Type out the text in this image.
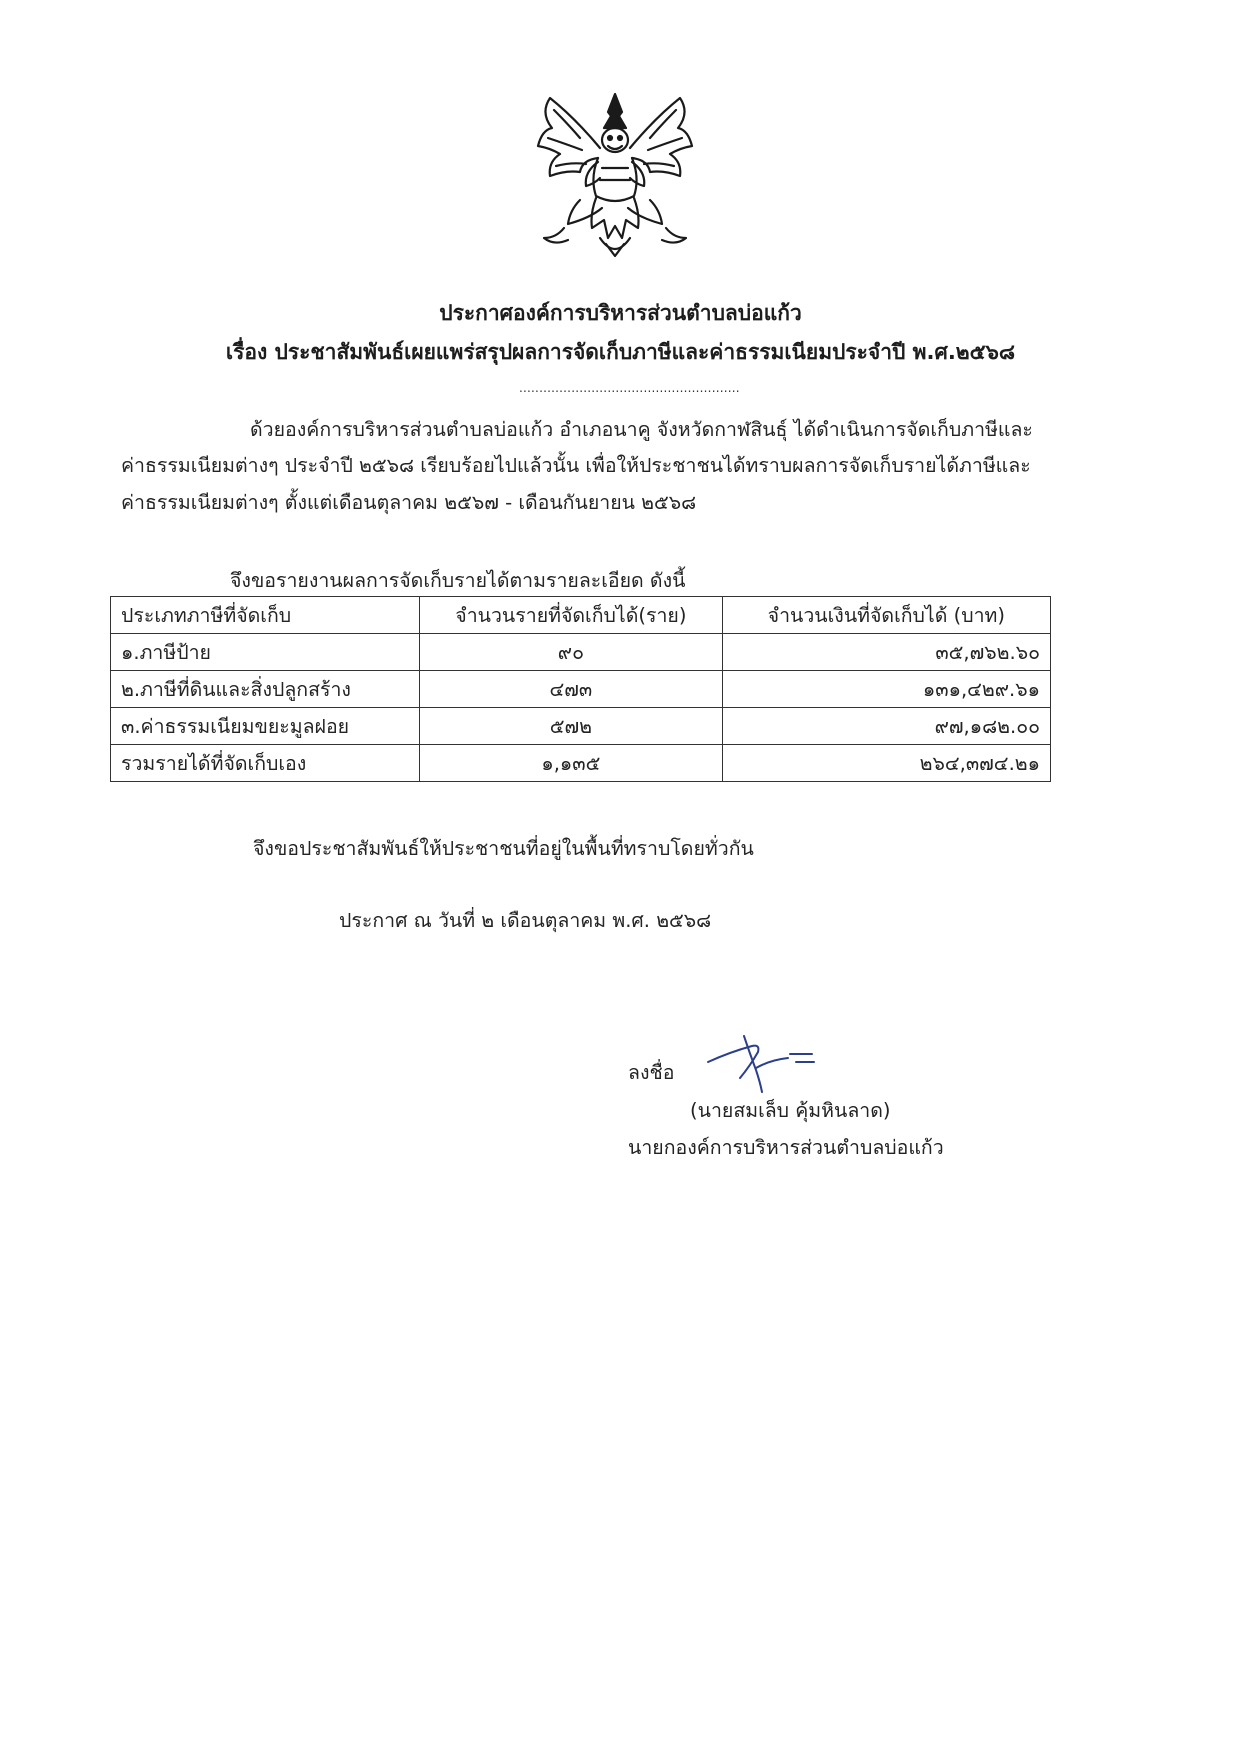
ประกาศองค์การบริหารส่วนตำบลบ่อแก้ว
เรื่อง ประชาสัมพันธ์เผยแพร่สรุปผลการจัดเก็บภาษีและค่าธรรมเนียมประจำปี พ.ศ.๒๕๖๘
.......................................................
ด้วยองค์การบริหารส่วนตำบลบ่อแก้ว อำเภอนาคู จังหวัดกาฬสินธุ์ ได้ดำเนินการจัดเก็บภาษีและ
ค่าธรรมเนียมต่างๆ ประจำปี ๒๕๖๘ เรียบร้อยไปแล้วนั้น เพื่อให้ประชาชนได้ทราบผลการจัดเก็บรายได้ภาษีและ
ค่าธรรมเนียมต่างๆ ตั้งแต่เดือนตุลาคม ๒๕๖๗ - เดือนกันยายน ๒๕๖๘
จึงขอรายงานผลการจัดเก็บรายได้ตามรายละเอียด ดังนี้
ประเภทภาษีที่จัดเก็บ	จำนวนรายที่จัดเก็บได้(ราย)	จำนวนเงินที่จัดเก็บได้ (บาท)
๑.ภาษีป้าย	๙๐	๓๕,๗๖๒.๖๐
๒.ภาษีที่ดินและสิ่งปลูกสร้าง	๔๗๓	๑๓๑,๔๒๙.๖๑
๓.ค่าธรรมเนียมขยะมูลฝอย	๕๗๒	๙๗,๑๘๒.๐๐
รวมรายได้ที่จัดเก็บเอง	๑,๑๓๕	๒๖๔,๓๗๔.๒๑
จึงขอประชาสัมพันธ์ให้ประชาชนที่อยู่ในพื้นที่ทราบโดยทั่วกัน
ประกาศ ณ วันที่ ๒ เดือนตุลาคม พ.ศ. ๒๕๖๘
ลงชื่อ
(นายสมเล็บ คุ้มหินลาด)
นายกองค์การบริหารส่วนตำบลบ่อแก้ว
